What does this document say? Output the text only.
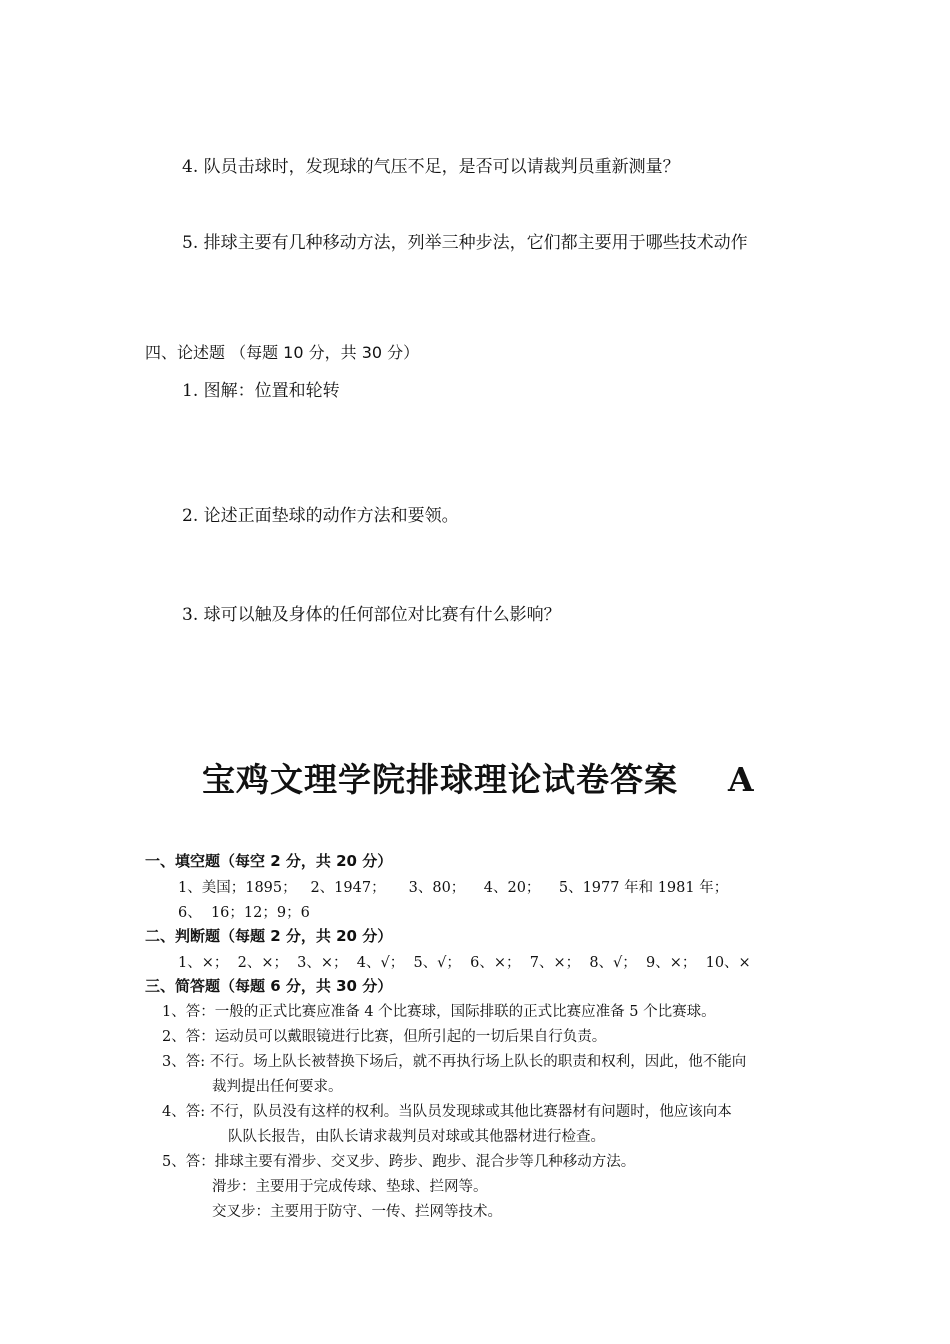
4. 队员击球时，发现球的气压不足，是否可以请裁判员重新测量？
5. 排球主要有几种移动方法，列举三种步法，它们都主要用于哪些技术动作
四、论述题 （每题 10 分，共 30 分）
1. 图解：位置和轮转
2. 论述正面垫球的动作方法和要领。
3. 球可以触及身体的任何部位对比赛有什么影响？
宝鸡文理学院排球理论试卷答案    A
一、填空题（每空 2 分，共 20 分）
1、美国；1895；   2、1947；     3、80；    4、20；    5、1977 年和 1981 年；
6、  16；12；9；6
二、判断题（每题 2 分，共 20 分）
1、×；  2、×；  3、×；  4、√；  5、√；  6、×；  7、×；  8、√；  9、×；  10、×
三、简答题（每题 6 分，共 30 分）
1、答：一般的正式比赛应准备 4 个比赛球，国际排联的正式比赛应准备 5 个比赛球。
2、答：运动员可以戴眼镜进行比赛，但所引起的一切后果自行负责。
3、答: 不行。场上队长被替换下场后，就不再执行场上队长的职责和权利，因此，他不能向
裁判提出任何要求。
4、答: 不行，队员没有这样的权利。当队员发现球或其他比赛器材有问题时，他应该向本
队队长报告，由队长请求裁判员对球或其他器材进行检查。
5、答：排球主要有滑步、交叉步、跨步、跑步、混合步等几种移动方法。
滑步：主要用于完成传球、垫球、拦网等。
交叉步：主要用于防守、一传、拦网等技术。
